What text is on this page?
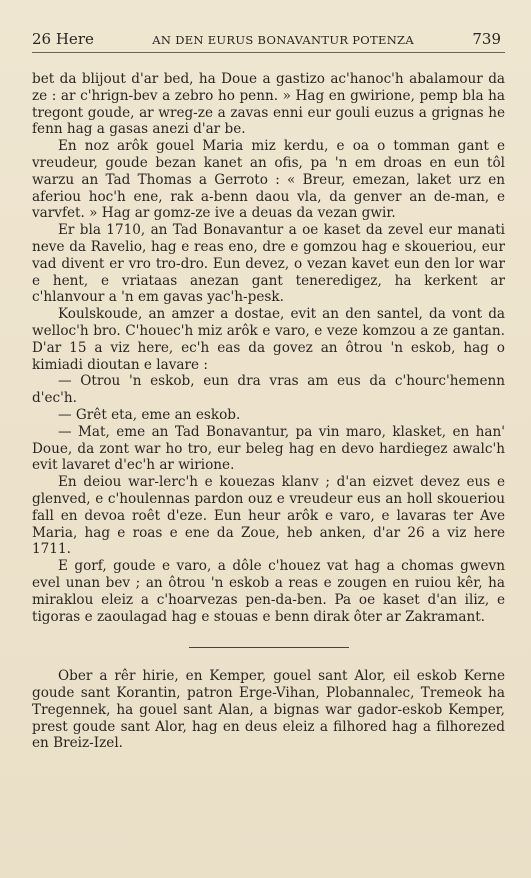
26 Here	AN DEN EURUS BONAVANTUR POTENZA	739

bet da blijout d'ar bed, ha Doue a gastizo ac'hanoc'h abalamour da ze : ar c'hrign-bev a zebro ho penn. » Hag en gwirione, pemp bla ha tregont goude, ar wreg-ze a zavas enni eur gouli euzus a grignas he fenn hag a gasas anezi d'ar be.

En noz arôk gouel Maria miz kerdu, e oa o tomman gant e vreudeur, goude bezan kanet an ofis, pa 'n em droas en eun tôl warzu an Tad Thomas a Gerroto : « Breur, emezan, laket urz en aferiou hoc'h ene, rak a-benn daou vla, da genver an de-man, e varvfet. » Hag ar gomz-ze ive a deuas da vezan gwir.

Er bla 1710, an Tad Bonavantur a oe kaset da zevel eur manati neve da Ravelio, hag e reas eno, dre e gomzou hag e skoueriou, eur vad divent er vro tro-dro. Eun devez, o vezan kavet eun den lor war e hent, e vriataas anezan gant teneredigez, ha kerkent ar c'hlanvour a 'n em gavas yac'h-pesk.

Koulskoude, an amzer a dostae, evit an den santel, da vont da welloc'h bro. C'houec'h miz arôk e varo, e veze komzou a ze gantan. D'ar 15 a viz here, ec'h eas da govez an ôtrou 'n eskob, hag o kimiadi dioutan e lavare :

— Otrou 'n eskob, eun dra vras am eus da c'hourc'hemenn d'ec'h.

— Grêt eta, eme an eskob.

— Mat, eme an Tad Bonavantur, pa vin maro, klasket, en han' Doue, da zont war ho tro, eur beleg hag en devo hardiegez awalc'h evit lavaret d'ec'h ar wirione.

En deiou war-lerc'h e kouezas klanv ; d'an eizvet devez eus e glenved, e c'houlennas pardon ouz e vreudeur eus an holl skoueriou fall en devoa roêt d'eze. Eun heur arôk e varo, e lavaras ter Ave Maria, hag e roas e ene da Zoue, heb anken, d'ar 26 a viz here 1711.

E gorf, goude e varo, a dôle c'houez vat hag a chomas gwevn evel unan bev ; an ôtrou 'n eskob a reas e zougen en ruiou kêr, ha miraklou eleiz a c'hoarvezas pen-da-ben. Pa oe kaset d'an iliz, e tigoras e zaoulagad hag e stouas e benn dirak ôter ar Zakramant.

Ober a rêr hirie, en Kemper, gouel sant Alor, eil eskob Kerne goude sant Korantin, patron Erge-Vihan, Plobannalec, Tremeok ha Tregennek, ha gouel sant Alan, a bignas war gador-eskob Kemper, prest goude sant Alor, hag en deus eleiz a filhored hag a filhorezed en Breiz-Izel.
